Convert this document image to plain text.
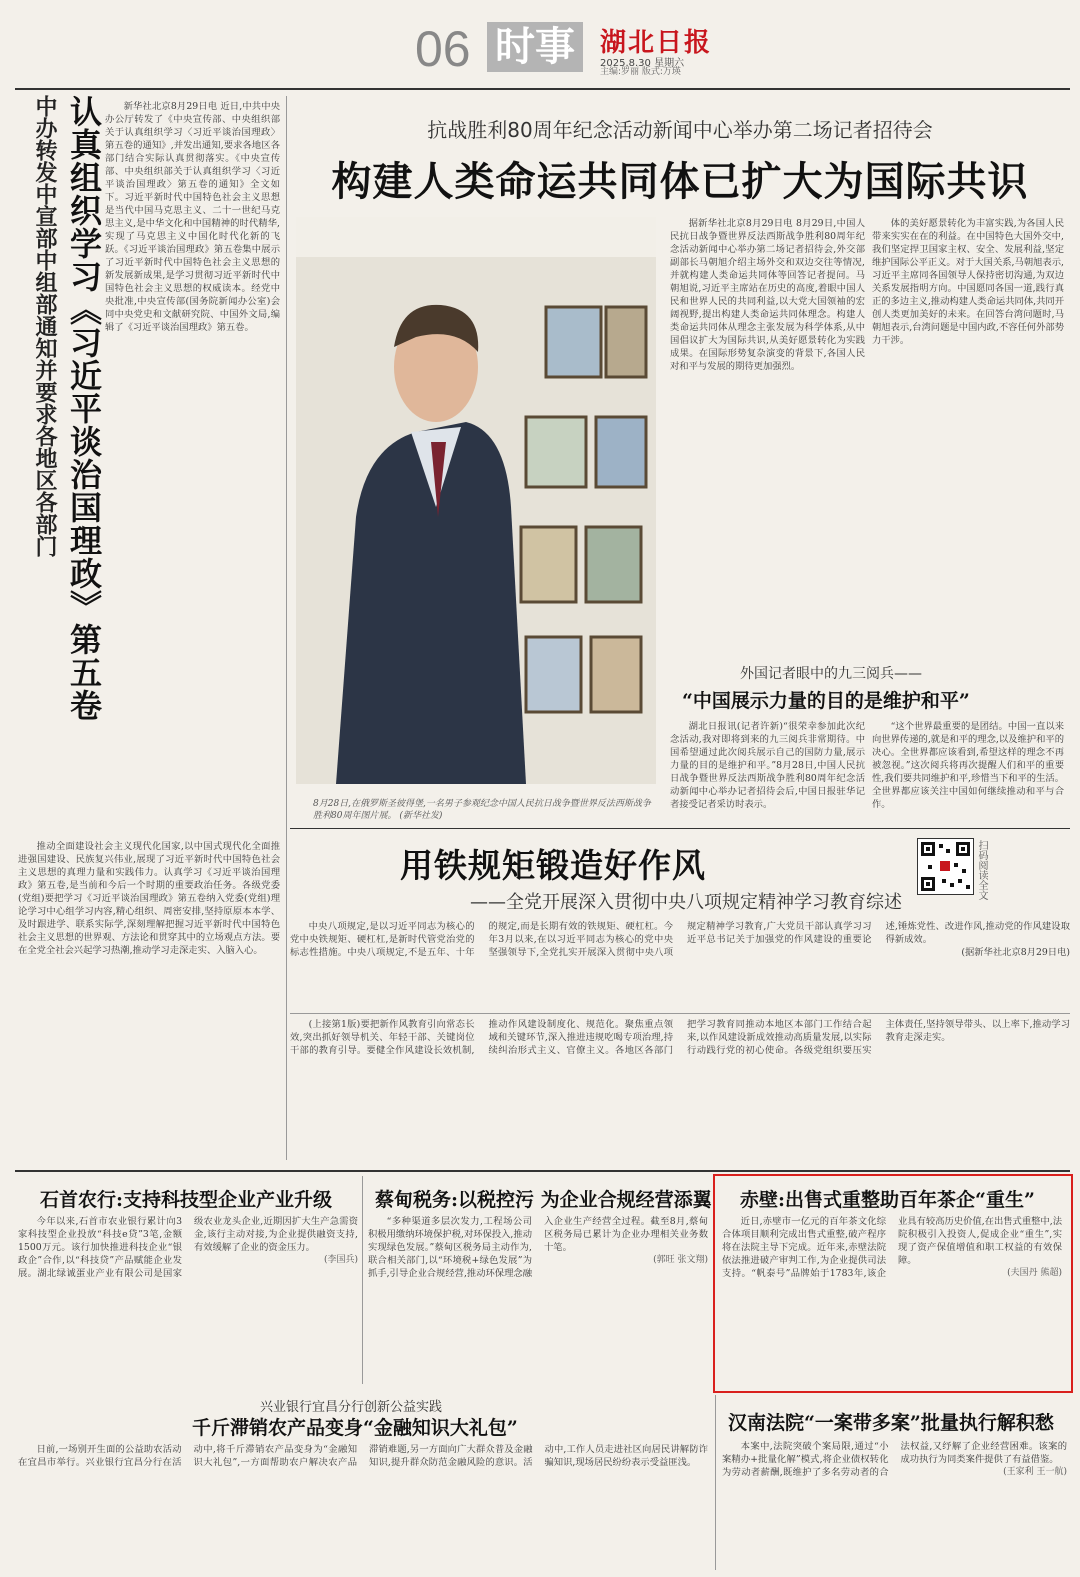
06 时事 湖北日报
2025.8.30 星期六
主编:罗丽 版式:万瑛
认真组织学习《习近平谈治国理政》第五卷
中办转发中宣部中组部通知并要求各地区各部门	新华社北京8月29日电 近日,中共中央办公厅转发了《中央宣传部、中央组织部关于认真组织学习〈习近平谈治国理政〉第五卷的通知》,并发出通知,要求各地区各部门结合实际认真贯彻落实。《中央宣传部、中央组织部关于认真组织学习〈习近平谈治国理政〉第五卷的通知》全文如下。习近平新时代中国特色社会主义思想是当代中国马克思主义、二十一世纪马克思主义,是中华文化和中国精神的时代精华,实现了马克思主义中国化时代化新的飞跃。《习近平谈治国理政》第五卷集中展示了习近平新时代中国特色社会主义思想的新发展新成果,是学习贯彻习近平新时代中国特色社会主义思想的权威读本。经党中央批准,中央宣传部(国务院新闻办公室)会同中央党史和文献研究院、中国外文局,编辑了《习近平谈治国理政》第五卷。

推动全面建设社会主义现代化国家,以中国式现代化全面推进强国建设、民族复兴伟业,展现了习近平新时代中国特色社会主义思想的真理力量和实践伟力。认真学习《习近平谈治国理政》第五卷,是当前和今后一个时期的重要政治任务。各级党委(党组)要把学习《习近平谈治国理政》第五卷纳入党委(党组)理论学习中心组学习内容,精心组织、周密安排,坚持原原本本学、及时跟进学、联系实际学,深刻理解把握习近平新时代中国特色社会主义思想的世界观、方法论和贯穿其中的立场观点方法。要在全党全社会兴起学习热潮,推动学习走深走实、入脑入心。

抗战胜利80周年纪念活动新闻中心举办第二场记者招待会
构建人类命运共同体已扩大为国际共识
8月28日,在俄罗斯圣彼得堡,一名男子参观纪念中国人民抗日战争暨世界反法西斯战争胜利80周年图片展。 (新华社发)

据新华社北京8月29日电 8月29日,中国人民抗日战争暨世界反法西斯战争胜利80周年纪念活动新闻中心举办第二场记者招待会,外交部副部长马朝旭介绍主场外交和双边交往等情况,并就构建人类命运共同体等回答记者提问。马朝旭说,习近平主席站在历史的高度,着眼中国人民和世界人民的共同利益,以大党大国领袖的宏阔视野,提出构建人类命运共同体理念。构建人类命运共同体从理念主张发展为科学体系,从中国倡议扩大为国际共识,从美好愿景转化为实践成果。在国际形势复杂演变的背景下,各国人民对和平与发展的期待更加强烈。

体的美好愿景转化为丰富实践,为各国人民带来实实在在的利益。在中国特色大国外交中,我们坚定捍卫国家主权、安全、发展利益,坚定维护国际公平正义。对于大国关系,马朝旭表示,习近平主席同各国领导人保持密切沟通,为双边关系发展指明方向。中国愿同各国一道,践行真正的多边主义,推动构建人类命运共同体,共同开创人类更加美好的未来。在回答台湾问题时,马朝旭表示,台湾问题是中国内政,不容任何外部势力干涉。

外国记者眼中的九三阅兵——
“中国展示力量的目的是维护和平”

湖北日报讯(记者许新)“很荣幸参加此次纪念活动,我对即将到来的九三阅兵非常期待。中国希望通过此次阅兵展示自己的国防力量,展示力量的目的是维护和平。”8月28日,中国人民抗日战争暨世界反法西斯战争胜利80周年纪念活动新闻中心举办记者招待会后,中国日报驻华记者接受记者采访时表示。

“这个世界最重要的是团结。中国一直以来向世界传递的,就是和平的理念,以及维护和平的决心。全世界都应该看到,希望这样的理念不再被忽视。”这次阅兵将再次提醒人们和平的重要性,我们要共同维护和平,珍惜当下和平的生活。全世界都应该关注中国如何继续推动和平与合作。

用铁规矩锻造好作风
——全党开展深入贯彻中央八项规定精神学习教育综述
扫码阅读全文

中央八项规定,是以习近平同志为核心的党中央铁规矩、硬杠杠,是新时代管党治党的标志性措施。中央八项规定,不是五年、十年的规定,而是长期有效的铁规矩、硬杠杠。今年3月以来,在以习近平同志为核心的党中央坚强领导下,全党扎实开展深入贯彻中央八项规定精神学习教育,广大党员干部认真学习习近平总书记关于加强党的作风建设的重要论述,锤炼党性、改进作风,推动党的作风建设取得新成效。

(据新华社北京8月29日电)

(上接第1版)要把新作风教育引向常态长效,突出抓好领导机关、年轻干部、关键岗位干部的教育引导。要健全作风建设长效机制,推动作风建设制度化、规范化。聚焦重点领域和关键环节,深入推进违规吃喝专项治理,持续纠治形式主义、官僚主义。各地区各部门把学习教育同推动本地区本部门工作结合起来,以作风建设新成效推动高质量发展,以实际行动践行党的初心使命。各级党组织要压实主体责任,坚持领导带头、以上率下,推动学习教育走深走实。

石首农行:支持科技型企业产业升级

今年以来,石首市农业银行累计向3家科技型企业投放“科技e贷”3笔,金额1500万元。该行加快推进科技企业“银政企”合作,以“科技贷”产品赋能企业发展。湖北绿诚蛋业产业有限公司是国家级农业龙头企业,近期因扩大生产急需资金,该行主动对接,为企业提供融资支持,有效缓解了企业的资金压力。

(李国兵)

蔡甸税务:以税控污 为企业合规经营添翼

“多种渠道多层次发力,工程场公司积极用缴纳环境保护税,对环保投入,推动实现绿色发展。”蔡甸区税务局主动作为,联合相关部门,以“环境税+绿色发展”为抓手,引导企业合规经营,推动环保理念融入企业生产经营全过程。截至8月,蔡甸区税务局已累计为企业办理相关业务数十笔。

(郭旺 张文翔)

赤壁:出售式重整助百年茶企“重生”

近日,赤壁市一亿元的百年茶文化综合体项目顺利完成出售式重整,破产程序将在法院主导下完成。近年来,赤壁法院依法推进破产审判工作,为企业提供司法支持。“帆泰号”品牌始于1783年,该企业具有较高历史价值,在出售式重整中,法院积极引入投资人,促成企业“重生”,实现了资产保值增值和职工权益的有效保障。

(夫国丹 熊超)

兴业银行宜昌分行创新公益实践
千斤滞销农产品变身“金融知识大礼包”

日前,一场别开生面的公益助农活动在宜昌市举行。兴业银行宜昌分行在活动中,将千斤滞销农产品变身为“金融知识大礼包”,一方面帮助农户解决农产品滞销难题,另一方面向广大群众普及金融知识,提升群众防范金融风险的意识。活动中,工作人员走进社区向居民讲解防诈骗知识,现场居民纷纷表示受益匪浅。

汉南法院“一案带多案”批量执行解积愁

本案中,法院突破个案局限,通过“小案精办+批量化解”模式,将企业债权转化为劳动者薪酬,既维护了多名劳动者的合法权益,又纾解了企业经营困难。该案的成功执行为同类案件提供了有益借鉴。

(王家利 王一航)
